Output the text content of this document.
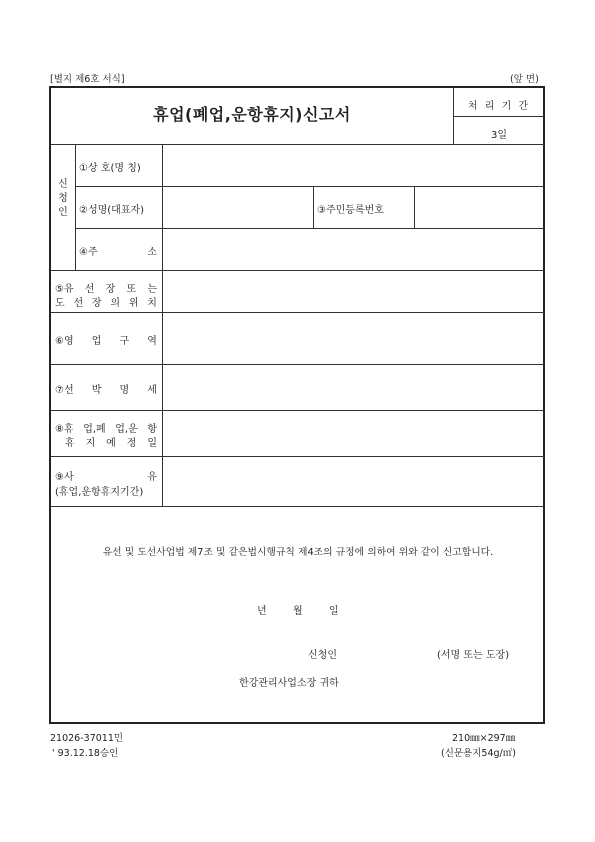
[별지 제6호 서식]	(앞 면)
휴업(폐업,운항휴지)신고서	처 리 기 간
3일
신
청
인
①상 호(명 칭)
②성명(대표자)	③주민등록번호
④주	소
⑤유 선 장 또 는
도 선 장 의 위 치
⑥영 업 구 역
⑦선 박 명 세
⑧휴 업,폐 업,운 항
휴 지 예 정 일
⑨사	유
(휴업,운항휴지기간)
유선 및 도선사업법 제7조 및 같은법시행규칙 제4조의 규정에 의하여 위와 같이 신고합니다.
년	월	일
신청인	(서명 또는 도장)
한강관리사업소장 귀하
21026-37011민
' 93.12.18승인
210㎜×297㎜
(신문용지54g/㎡)
